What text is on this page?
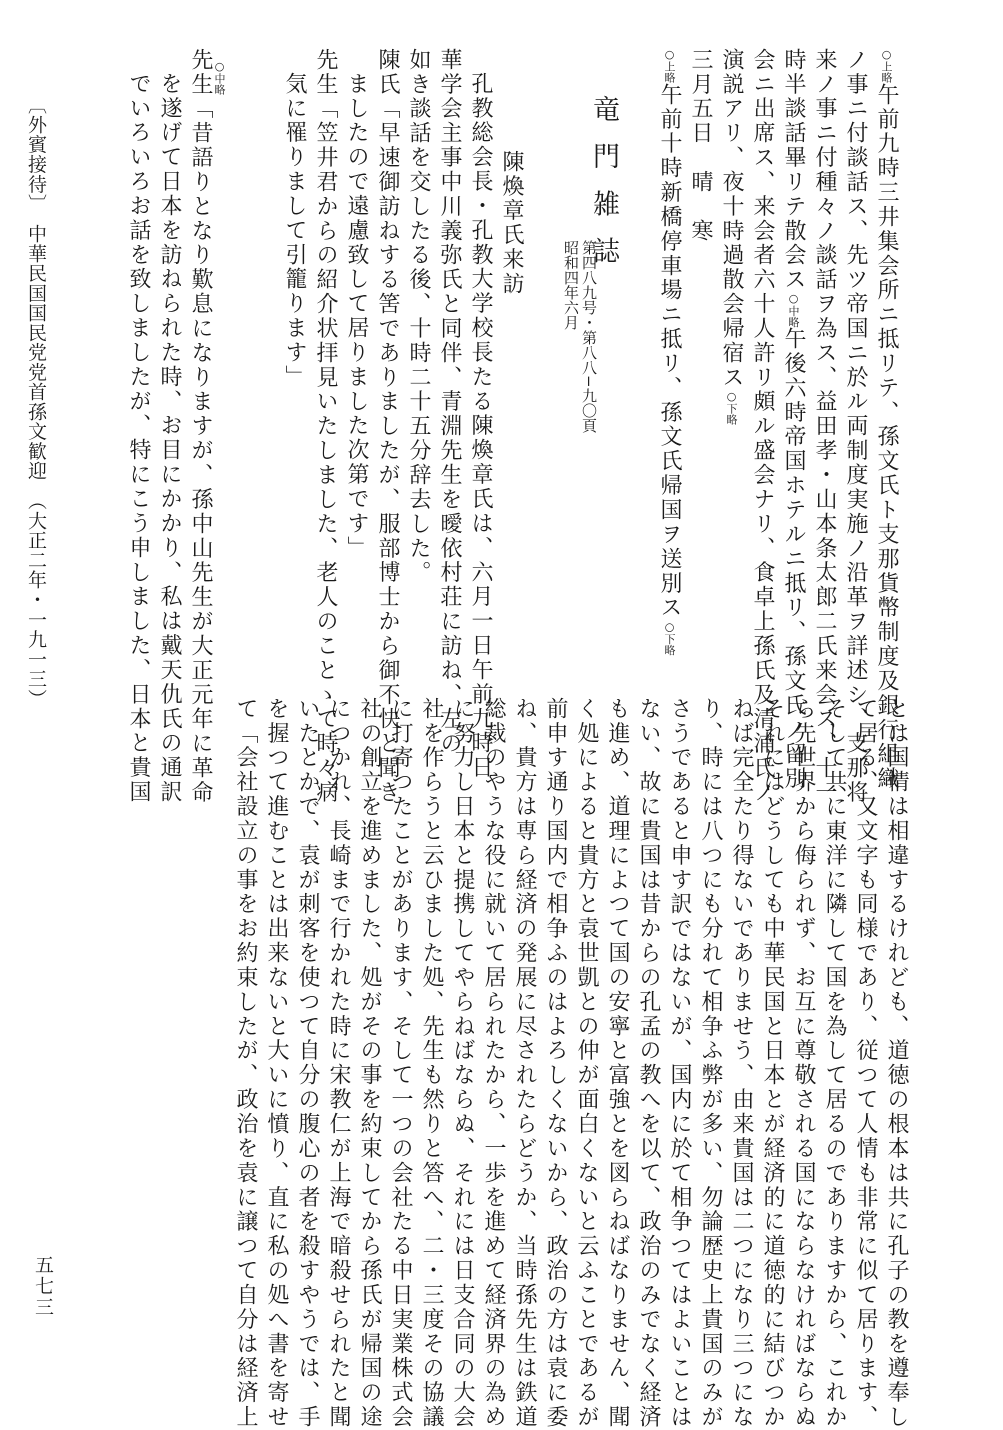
○上略午前九時三井集会所ニ抵リテ、孫文氏ト支那貨幣制度及銀行組織
ノ事ニ付談話ス、先ツ帝国ニ於ル両制度実施ノ沿革ヲ詳述シ、支那将
来ノ事ニ付種々ノ談話ヲ為ス、益田孝・山本条太郎二氏来会ス、十一
時半談話畢リテ散会ス○中略午後六時帝国ホテルニ抵リ、孫文氏ノ留別
会ニ出席ス、来会者六十人許リ頗ル盛会ナリ、食卓上孫氏及清浦氏ノ
演説アリ、夜十時過散会帰宿ス○下略
三月五日　晴　寒
○上略午前十時新橋停車場ニ抵リ、孫文氏帰国ヲ送別ス○下略
竜門雑誌
第四八九号・第八八−九〇頁
昭和四年六月
陳煥章氏来訪
孔教総会長・孔教大学校長たる陳煥章氏は、六月一日午前九時日
華学会主事中川義弥氏と同伴、青淵先生を曖依村荘に訪ね、左の
如き談話を交したる後、十時二十五分辞去した。
陳氏「早速御訪ねする筈でありましたが、服部博士から御不快と聞き
ましたので遠慮致して居りました次第です」
先生「笠井君からの紹介状拝見いたしました、老人のことゝて時々病
気に罹りまして引籠ります」
○中略
先生「昔語りとなり歎息になりますが、孫中山先生が大正元年に革命
を遂げて日本を訪ねられた時、お目にかかり、私は戴天仇氏の通訳
でいろいろお話を致しましたが、特にこう申しました、日本と貴国
とは国情は相違するけれども、道徳の根本は共に孔子の教を遵奉し
て居る、又文字も同様であり、従つて人情も非常に似て居ります、
そして共に東洋に隣して国を為して居るのでありますから、これか
ら先世界から侮られず、お互に尊敬される国にならなければならぬ
それにはどうしても中華民国と日本とが経済的に道徳的に結びつか
ねば完全たり得ないでありませう、由来貴国は二つになり三つにな
り、時には八つにも分れて相争ふ弊が多い、勿論歴史上貴国のみが
さうであると申す訳ではないが、国内に於て相争つてはよいことは
ない、故に貴国は昔からの孔孟の教へを以て、政治のみでなく経済
も進め、道理によつて国の安寧と富強とを図らねばなりません、聞
く処によると貴方と袁世凱との仲が面白くないと云ふことであるが
前申す通り国内で相争ふのはよろしくないから、政治の方は袁に委
ね、貴方は専ら経済の発展に尽されたらどうか、当時孫先生は鉄道
総裁のやうな役に就いて居られたから、一歩を進めて経済界の為め
に努力し日本と提携してやらねばならぬ、それには日支合同の大会
社を作らうと云ひました処、先生も然りと答へ、二・三度その協議
に打寄つたことがあります、そして一つの会社たる中日実業株式会
社の創立を進めました、処がその事を約束してから孫氏が帰国の途
につかれ、長崎まで行かれた時に宋教仁が上海で暗殺せられたと聞
いたとかで、袁が刺客を使つて自分の腹心の者を殺すやうでは、手
を握つて進むことは出来ないと大いに憤り、直に私の処へ書を寄せ
て「会社設立の事をお約束したが、政治を袁に譲つて自分は経済上
〔外賓接待〕　中華民国国民党党首孫文歓迎　（大正二年・一九一三）
五七三
